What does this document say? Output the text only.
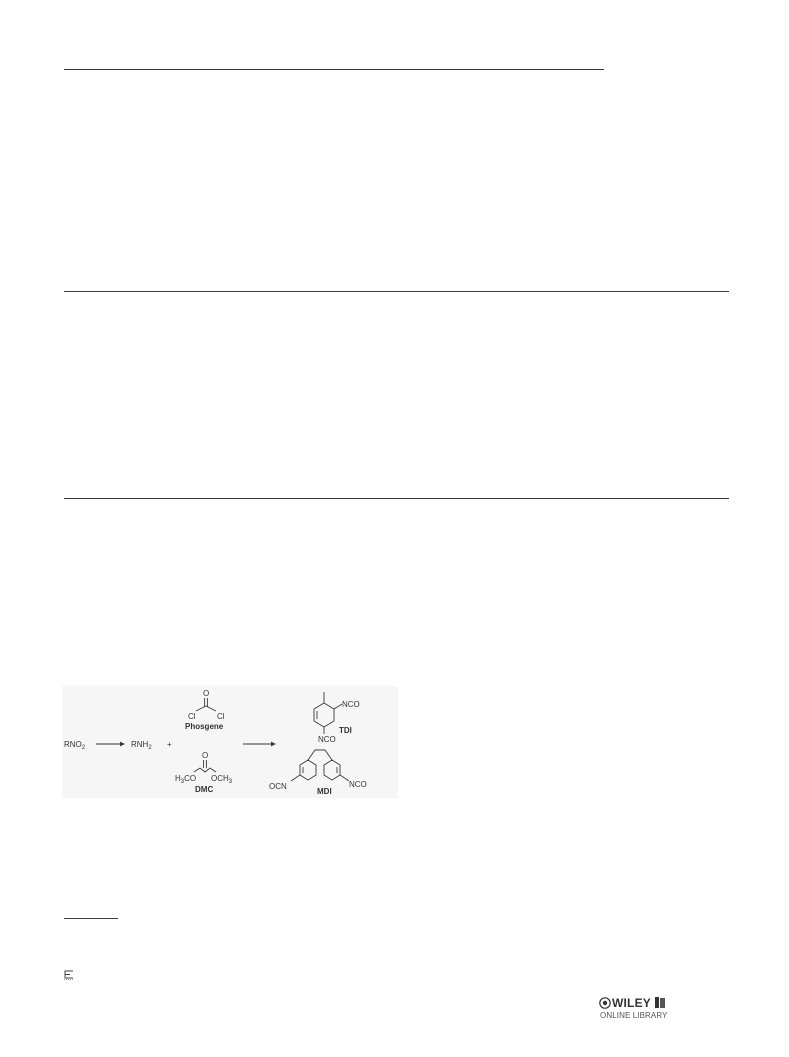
$RNO_2$	$RNH_2$ +
O
Cl	Cl
Phosgene
O
$H_3CO$ $OCH_3$
DMC
NCO
NCO
TDI
OCN	NCO
MDI
WILEY
ONLINE LIBRARY
